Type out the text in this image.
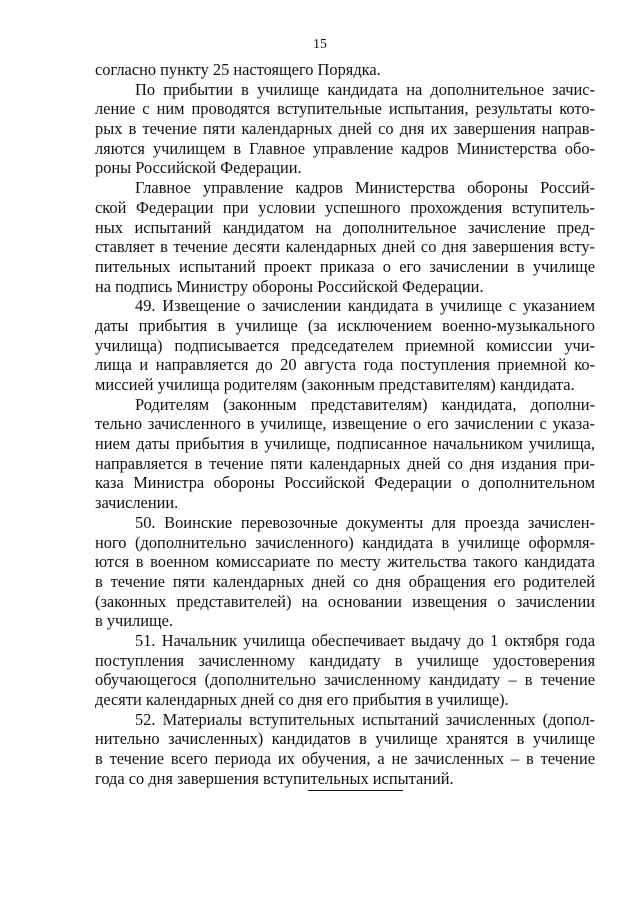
15
согласно пункту 25 настоящего Порядка.
По прибытии в училище кандидата на дополнительное зачис-
ление с ним проводятся вступительные испытания, результаты кото-
рых в течение пяти календарных дней со дня их завершения направ-
ляются училищем в Главное управление кадров Министерства обо-
роны Российской Федерации.
Главное управление кадров Министерства обороны Россий-
ской Федерации при условии успешного прохождения вступитель-
ных испытаний кандидатом на дополнительное зачисление пред-
ставляет в течение десяти календарных дней со дня завершения всту-
пительных испытаний проект приказа о его зачислении в училище
на подпись Министру обороны Российской Федерации.
49. Извещение о зачислении кандидата в училище с указанием
даты прибытия в училище (за исключением военно-музыкального
училища) подписывается председателем приемной комиссии учи-
лища и направляется до 20 августа года поступления приемной ко-
миссией училища родителям (законным представителям) кандидата.
Родителям (законным представителям) кандидата, дополни-
тельно зачисленного в училище, извещение о его зачислении с указа-
нием даты прибытия в училище, подписанное начальником училища,
направляется в течение пяти календарных дней со дня издания при-
каза Министра обороны Российской Федерации о дополнительном
зачислении.
50. Воинские перевозочные документы для проезда зачислен-
ного (дополнительно зачисленного) кандидата в училище оформля-
ются в военном комиссариате по месту жительства такого кандидата
в течение пяти календарных дней со дня обращения его родителей
(законных представителей) на основании извещения о зачислении
в училище.
51. Начальник училища обеспечивает выдачу до 1 октября года
поступления зачисленному кандидату в училище удостоверения
обучающегося (дополнительно зачисленному кандидату – в течение
десяти календарных дней со дня его прибытия в училище).
52. Материалы вступительных испытаний зачисленных (допол-
нительно зачисленных) кандидатов в училище хранятся в училище
в течение всего периода их обучения, а не зачисленных – в течение
года со дня завершения вступительных испытаний.
